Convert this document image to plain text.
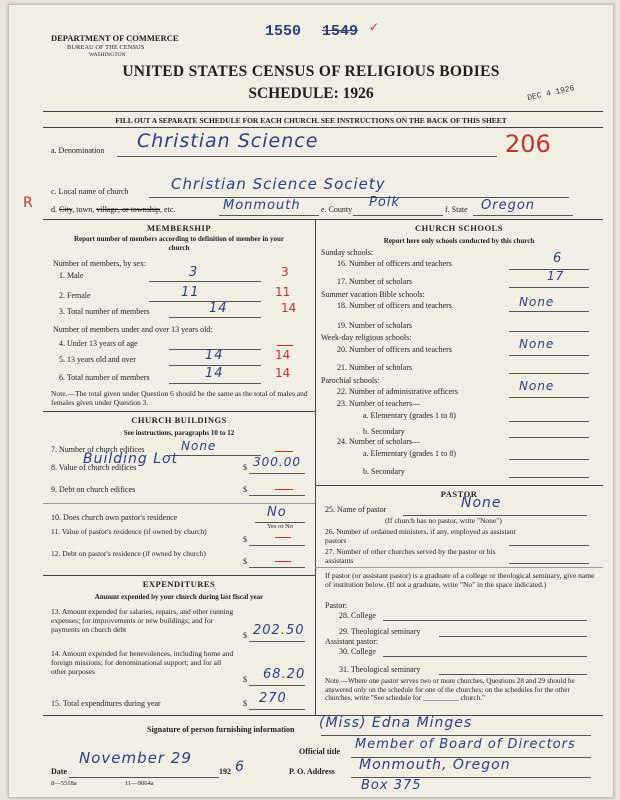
DEPARTMENT OF COMMERCE
BUREAU OF THE CENSUS
WASHINGTON
1550 1549 ✓
DEC 4 1926
UNITED STATES CENSUS OF RELIGIOUS BODIES
SCHEDULE: 1926
FILL OUT A SEPARATE SCHEDULE FOR EACH CHURCH. SEE INSTRUCTIONS ON THE BACK OF THIS SHEET
a. Denomination Christian Science	206
c. Local name of church	Christian Science Society
R d. City, town, village, or township, etc.	Monmouth	e. County Polk	f. State Oregon
MEMBERSHIP
Report number of members according to definition of member in your church
Number of members, by sex:
1. Male	3	3
2. Female	11	11
3. Total number of members	14	14
Number of members under and over 13 years old:
4. Under 13 years of age
5. 13 years old and over	14	14
6. Total number of members	14	14
Note.—The total given under Question 6 should be the same as the total of males and females given under Question 3.
CHURCH BUILDINGS
See instructions, paragraphs 10 to 12
7. Number of church edifices	None
8. Value of church edifices
Building Lot
$ 300.00
9. Debt on church edifices	$
10. Does church own pastor's residence	No
Yes or No
11. Value of pastor's residence (if owned by church)
$
12. Debt on pastor's residence (if owned by church)
$
EXPENDITURES
Amount expended by your church during last fiscal year
13. Amount expended for salaries, repairs, and other running expenses; for improvements or new buildings; and for payments on church debt
$ 202.50
14. Amount expended for benevolences, including home and foreign missions; for denominational support; and for all other purposes
$ 68.20
15. Total expenditures during year	$ 270
CHURCH SCHOOLS
Report here only schools conducted by this church
Sunday schools:
16. Number of officers and teachers	6
17. Number of scholars	17
Summer vacation Bible schools:
18. Number of officers and teachers	None
19. Number of scholars
Week-day religious schools:
20. Number of officers and teachers	None
21. Number of scholars
Parochial schools:
22. Number of administrative officers	None
23. Number of teachers—
a. Elementary (grades 1 to 8)
b. Secondary
24. Number of scholars—
a. Elementary (grades 1 to 8)
b. Secondary
PASTOR
25. Name of pastor	None
(If church has no pastor, write "None")
26. Number of ordained ministers, if any, employed as assistant pastors
27. Number of other churches served by the pastor or his assistants
If pastor (or assistant pastor) is a graduate of a college or theological seminary, give name of institution below. (If not a graduate, write "No" in the space indicated.)
Pastor:
28. College
29. Theological seminary
Assistant pastor:
30. College
31. Theological seminary
Note.—Where one pastor serves two or more churches, Questions 28 and 29 should be answered only on the schedule for one of the churches; on the schedules for the other churches, write "See schedule for __________ church."
Signature of person furnishing information (Miss) Edna Minges
Official title Member of Board of Directors
Date
November 29
192 6	P. O. Address Monmouth, Oregon
Box 375
8—5518a	11—9064a
